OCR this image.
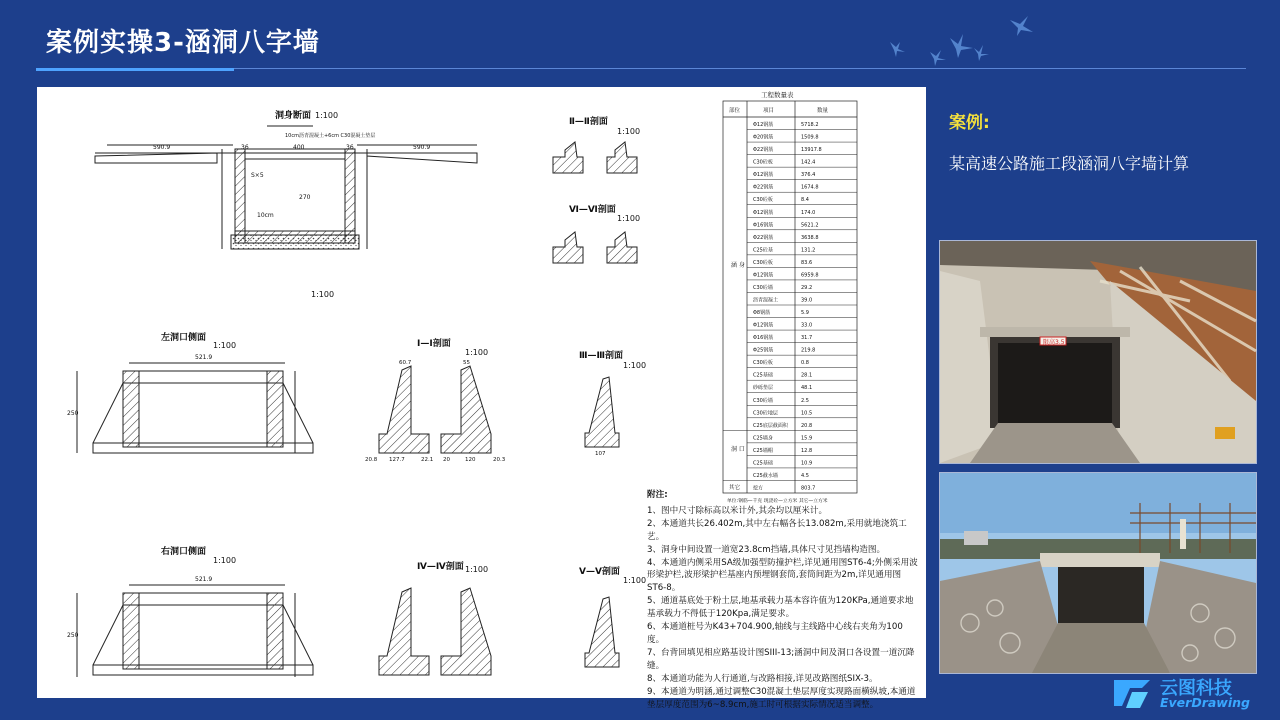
案例实操3-涵洞八字墙
洞身断面 1:100
10cm沥青混凝土+6cm C30混凝土垫层
590.9	36	400	36	590.9
S×5
270
10cm
1:100
左洞口侧面
1:100
521.9
250
右洞口侧面
1:100
521.9
250
Ⅱ—Ⅱ剖面
1:100
Ⅵ—Ⅵ剖面
1:100
Ⅰ—Ⅰ剖面
1:100	Ⅲ—Ⅲ剖面
1:100
Ⅳ—Ⅳ剖面 1:100	Ⅴ—Ⅴ剖面
1:100
60.7	55
20.8 127.7	22.1 20	120	20.3
107
工程数量表
部位	项目	数量
涵 身
洞 口
其它
Φ12钢筋	5718.2
Φ20钢筋	1509.8
Φ22钢筋	13917.8
C30砼板	142.4
Φ12钢筋	376.4
Φ22钢筋	1674.8
C30砼板	8.4
Φ12钢筋	174.0
Φ16钢筋	5621.2
Φ22钢筋	3638.8
C25砼基	131.2
C30砼板	83.6
Φ12钢筋	6959.8
C30砼墙	29.2
沥青混凝土	39.0
Φ8钢筋	5.9
Φ12钢筋	33.0
Φ16钢筋	31.7
Φ25钢筋	219.8
C30砼板	0.8
C25基础	28.1
砂砾垫层	48.1
C30砼墙	2.5
C30砼地层	10.5
C25底层截面积	20.8
C25墙身	15.9
C25墙帽	12.8
C25基础	10.9
C25截水墙	4.5
挖方	803.7
单位:钢筋—千克 现浇砼—立方米 其它—立方米
附注:
1、图中尺寸除标高以米计外,其余均以厘米计。
2、本通道共长26.402m,其中左右幅各长13.082m,采用就地浇筑工艺。
3、洞身中间设置一道宽23.8cm挡墙,具体尺寸见挡墙构造图。
4、本通道内侧采用SA级加强型防撞护栏,详见通用图ST6-4;外侧采用波形梁护栏,波形梁护栏基座内预埋钢套筒,套筒间距为2m,详见通用图ST6-8。
5、通道基底处于粉土层,地基承载力基本容许值为120KPa,通道要求地基承载力不得低于120Kpa,满足要求。
6、本通道桩号为K43+704.900,轴线与主线路中心线右夹角为100度。
7、台背回填见相应路基设计图SIII-13;涵洞中间及洞口各设置一道沉降缝。
8、本通道功能为人行通道,与改路相接,详见改路图纸SIX-3。
9、本通道为明涵,通过调整C30混凝土垫层厚度实现路面横纵坡,本通道垫层厚度范围为6~8.9cm,施工时可根据实际情况适当调整。

案例:

某高速公路施工段涵洞八字墙计算

限高3.5
云图科技
EverDrawing
